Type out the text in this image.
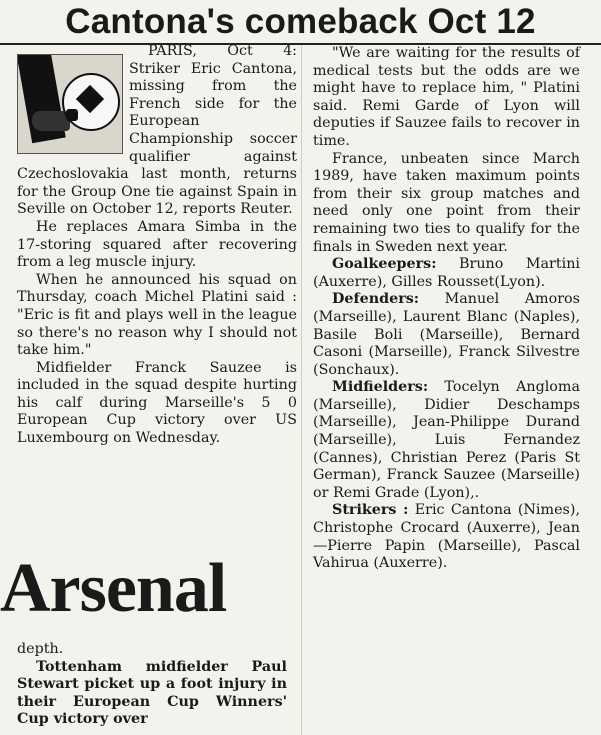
Cantona's comeback Oct 12

PARIS, Oct 4: Striker Eric Cantona, missing from the French side for the European Championship soccer qualifier against Czechoslovakia last month, returns for the Group One tie against Spain in Seville on October 12, reports Reuter.

He replaces Amara Simba in the 17-storing squared after recovering from a leg muscle injury.

When he announced his squad on Thursday, coach Michel Platini said : "Eric is fit and plays well in the league so there's no reason why I should not take him."

Midfielder Franck Sauzee is included in the squad despite hurting his calf during Marseille's 5 0 European Cup victory over US Luxembourg on Wednesday.

Arsenal

depth.

Tottenham midfielder Paul Stewart picket up a foot injury in their European Cup Winners' Cup victory over

"We are waiting for the results of medical tests but the odds are we might have to replace him, " Platini said. Remi Garde of Lyon will deputies if Sauzee fails to recover in time.

France, unbeaten since March 1989, have taken maximum points from their six group matches and need only one point from their remaining two ties to qualify for the finals in Sweden next year.

Goalkeepers: Bruno Martini (Auxerre), Gilles Rousset(Lyon).

Defenders: Manuel Amoros (Marseille), Laurent Blanc (Naples), Basile Boli (Marseille), Bernard Casoni (Marseille), Franck Silvestre (Sonchaux).

Midfielders: Tocelyn Angloma (Marseille), Didier Deschamps (Marseille), Jean-Philippe Durand (Marseille), Luis Fernandez (Cannes), Christian Perez (Paris St German), Franck Sauzee (Marseille) or Remi Grade (Lyon),.

Strikers : Eric Cantona (Nimes), Christophe Crocard (Auxerre), Jean—Pierre Papin (Marseille), Pascal Vahirua (Auxerre).
